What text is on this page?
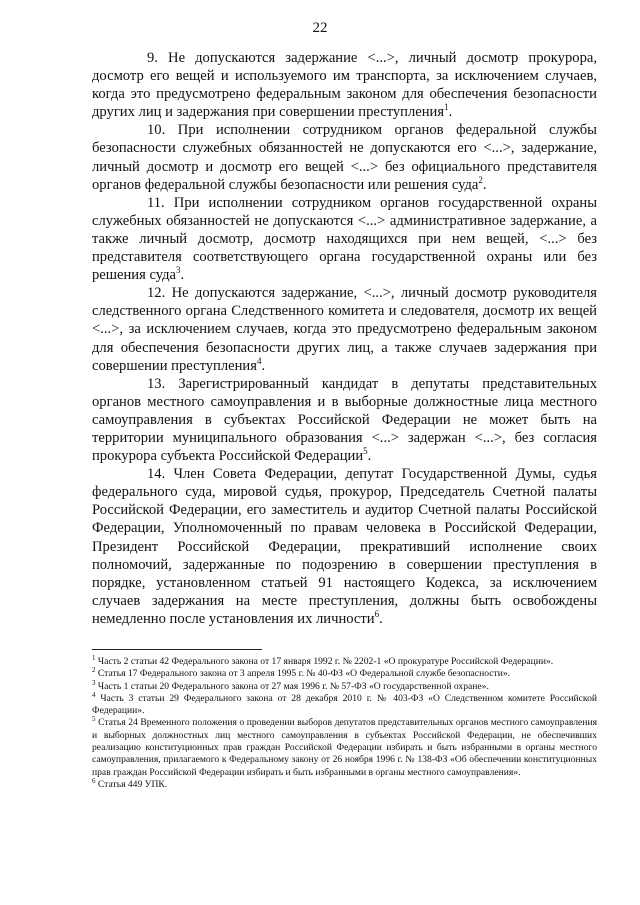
22

9. Не допускаются задержание <...>, личный досмотр прокурора, досмотр его вещей и используемого им транспорта, за исключением случаев, когда это предусмотрено федеральным законом для обеспечения безопасности других лиц и задержания при совершении преступления$^1$.

10. При исполнении сотрудником органов федеральной службы безопасности служебных обязанностей не допускаются его <...>, задержание, личный досмотр и досмотр его вещей <...> без официального представителя органов федеральной службы безопасности или решения суда$^2$.

11. При исполнении сотрудником органов государственной охраны служебных обязанностей не допускаются <...> административное задержание, а также личный досмотр, досмотр находящихся при нем вещей, <...> без представителя соответствующего органа государственной охраны или без решения суда$^3$.

12. Не допускаются задержание, <...>, личный досмотр руководителя следственного органа Следственного комитета и следователя, досмотр их вещей <...>, за исключением случаев, когда это предусмотрено федеральным законом для обеспечения безопасности других лиц, а также случаев задержания при совершении преступления$^4$.

13. Зарегистрированный кандидат в депутаты представительных органов местного самоуправления и в выборные должностные лица местного самоуправления в субъектах Российской Федерации не может быть на территории муниципального образования <...> задержан <...>, без согласия прокурора субъекта Российской Федерации$^5$.

14. Член Совета Федерации, депутат Государственной Думы, судья федерального суда, мировой судья, прокурор, Председатель Счетной палаты Российской Федерации, его заместитель и аудитор Счетной палаты Российской Федерации, Уполномоченный по правам человека в Российской Федерации, Президент Российской Федерации, прекративший исполнение своих полномочий, задержанные по подозрению в совершении преступления в порядке, установленном статьей 91 настоящего Кодекса, за исключением случаев задержания на месте преступления, должны быть освобождены немедленно после установления их личности$^6$.

$^1$ Часть 2 статьи 42 Федерального закона от 17 января 1992 г. № 2202-1 «О прокуратуре Российской Федерации».

$^2$ Статья 17 Федерального закона от 3 апреля 1995 г. № 40-ФЗ «О Федеральной службе безопасности».

$^3$ Часть 1 статьи 20 Федерального закона от 27 мая 1996 г. № 57-ФЗ «О государственной охране».

$^4$ Часть 3 статьи 29 Федерального закона от 28 декабря 2010 г. № 403-ФЗ «О Следственном комитете Российской Федерации».

$^5$ Статья 24 Временного положения о проведении выборов депутатов представительных органов местного самоуправления и выборных должностных лиц местного самоуправления в субъектах Российской Федерации, не обеспечивших реализацию конституционных прав граждан Российской Федерации избирать и быть избранными в органы местного самоуправления, прилагаемого к Федеральному закону от 26 ноября 1996 г. № 138-ФЗ «Об обеспечении конституционных прав граждан Российской Федерации избирать и быть избранными в органы местного самоуправления».

$^6$ Статья 449 УПК.
